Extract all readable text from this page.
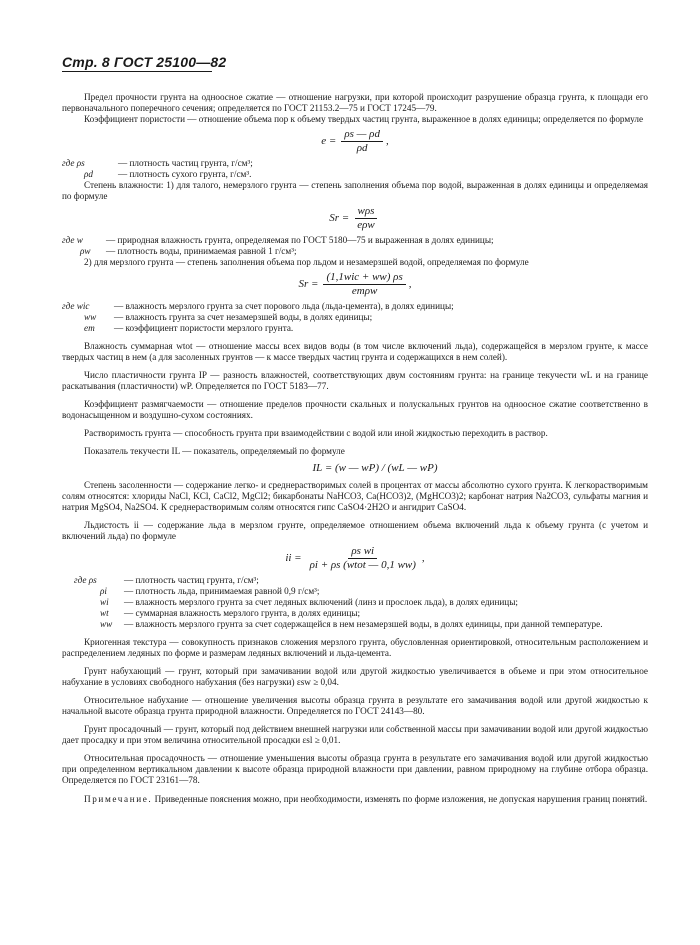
Стр. 8 ГОСТ 25100—82

Предел прочности грунта на одноосное сжатие — отношение нагрузки, при которой происходит разрушение образца грунта, к площади его первоначального поперечного сечения; определяется по ГОСТ 21153.2—75 и ГОСТ 17245—79.

Коэффициент пористости — отношение объема пор к объему твердых частиц грунта, выраженное в долях единицы; определяется по формуле

$e = \frac{\rho s — \rho d}{\rho d}$ ,
где ρs	— плотность частиц грунта, г/см³;
ρd	— плотность сухого грунта, г/см³.

Степень влажности: 1) для талого, немерзлого грунта — степень заполнения объема пор водой, выраженная в долях единицы и определяемая по формуле

$Sr = \frac{\text{wρs}}{\text{eρw}}$
где w	— природная влажность грунта, определяемая по ГОСТ 5180—75 и выраженная в долях единицы;
ρw	— плотность воды, принимаемая равной 1 г/см³;

2) для мерзлого грунта — степень заполнения объема пор льдом и незамерзшей водой, определяемая по формуле

$Sr = \frac{\text{(1,1wic + ww) ρs}}{\text{emρw}}$ ,
где wic	— влажность мерзлого грунта за счет порового льда (льда-цемента), в долях единицы;
ww	— влажность грунта за счет незамерзшей воды, в долях единицы;
em	— коэффициент пористости мерзлого грунта.

Влажность суммарная wtot — отношение массы всех видов воды (в том числе включений льда), содержащейся в мерзлом грунте, к массе твердых частиц в нем (а для засоленных грунтов — к массе твердых частиц грунта и содержащихся в нем солей).

Число пластичности грунта IP — разность влажностей, соответствующих двум состояниям грунта: на границе текучести wL и на границе раскатывания (пластичности) wP. Определяется по ГОСТ 5183—77.

Коэффициент размягчаемости — отношение пределов прочности скальных и полускальных грунтов на одноосное сжатие соответственно в водонасыщенном и воздушно-сухом состояниях.

Растворимость грунта — способность грунта при взаимодействии с водой или иной жидкостью переходить в раствор.

Показатель текучести IL — показатель, определяемый по формуле

IL = (w — wP) / (wL — wP)

Степень засоленности — содержание легко- и среднерастворимых солей в процентах от массы абсолютно сухого грунта. К легкорастворимым солям относятся: хлориды NaCl, KCl, CaCl2, MgCl2; бикарбонаты NaHCO3, Ca(HCO3)2, (MgHCO3)2; карбонат натрия Na2CO3, сульфаты магния и натрия MgSO4, Na2SO4. К среднерастворимым солям относятся гипс CaSO4·2H2O и ангидрит CaSO4.

Льдистость ii — содержание льда в мерзлом грунте, определяемое отношением объема включений льда к объему грунта (с учетом и включений льда) по формуле

ii = $\frac{\text{ρs wi}}{\text{ρi + ρs (wtot — 0,1 ww)}}$ ,
где ρs	— плотность частиц грунта, г/см³;
ρi	— плотность льда, принимаемая равной 0,9 г/см³;
wi	— влажность мерзлого грунта за счет ледяных включений (линз и прослоек льда), в долях единицы;
wt	— суммарная влажность мерзлого грунта, в долях единицы;
ww	— влажность мерзлого грунта за счет содержащейся в нем незамерзшей воды, в долях единицы, при данной температуре.

Криогенная текстура — совокупность признаков сложения мерзлого грунта, обусловленная ориентировкой, относительным расположением и распределением ледяных по форме и размерам ледяных включений и льда-цемента.

Грунт набухающий — грунт, который при замачивании водой или другой жидкостью увеличивается в объеме и при этом относительное набухание в условиях свободного набухания (без нагрузки) εsw ≥ 0,04.

Относительное набухание — отношение увеличения высоты образца грунта в результате его замачивания водой или другой жидкостью к начальной высоте образца грунта природной влажности. Определяется по ГОСТ 24143—80.

Грунт просадочный — грунт, который под действием внешней нагрузки или собственной массы при замачивании водой или другой жидкостью дает просадку и при этом величина относительной просадки εsl ≥ 0,01.

Относительная просадочность — отношение уменьшения высоты образца грунта в результате его замачивания водой или другой жидкостью при определенном вертикальном давлении к высоте образца природной влажности при давлении, равном природному на глубине отбора образца. Определяется по ГОСТ 23161—78.

Примечание. Приведенные пояснения можно, при необходимости, изменять по форме изложения, не допуская нарушения границ понятий.
